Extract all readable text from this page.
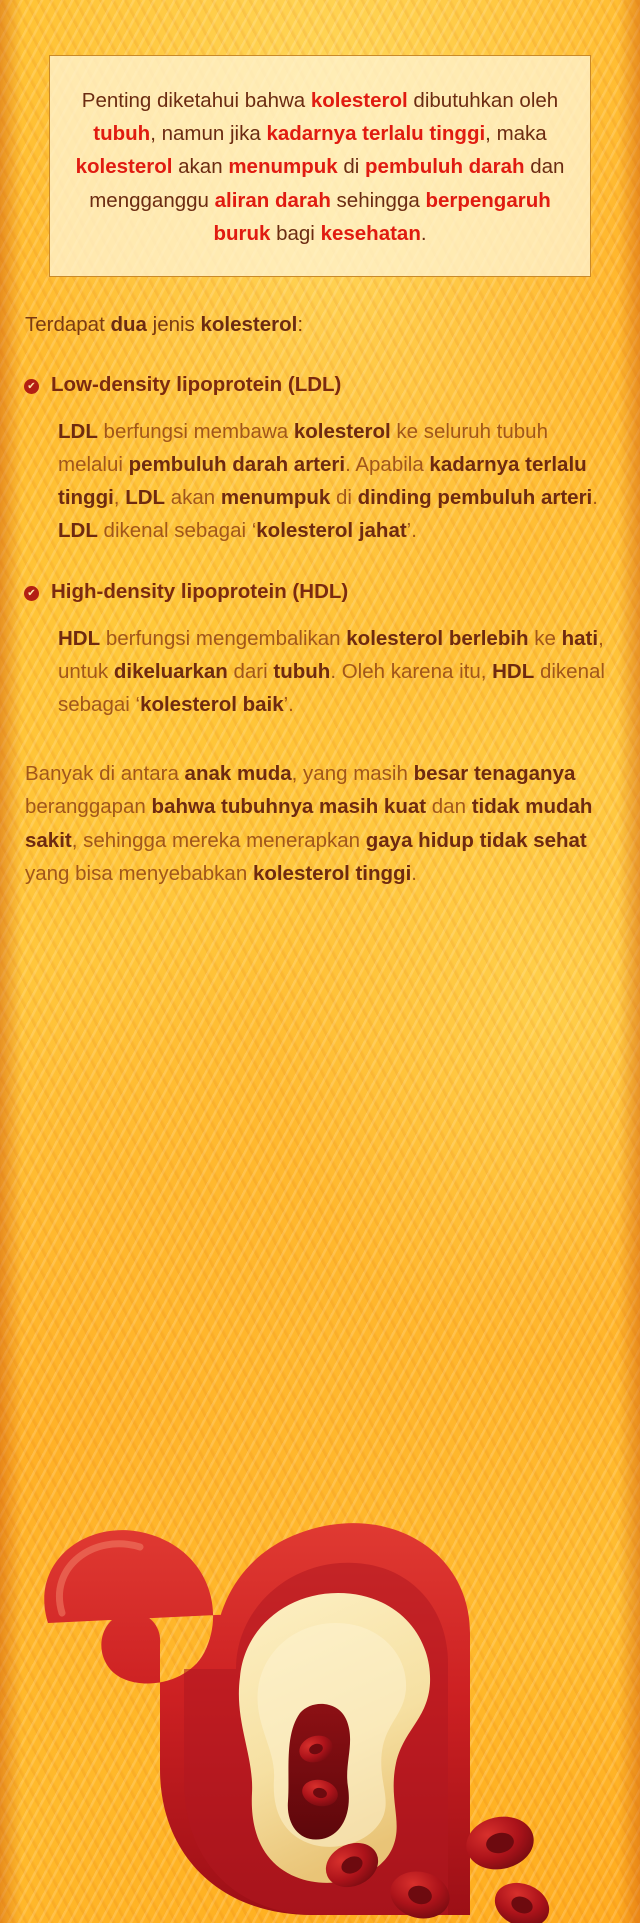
Penting diketahui bahwa kolesterol dibutuhkan oleh tubuh, namun jika kadarnya terlalu tinggi, maka kolesterol akan menumpuk di pembuluh darah dan mengganggu aliran darah sehingga berpengaruh buruk bagi kesehatan.
Terdapat dua jenis kolesterol:
✔ Low-density lipoprotein (LDL)
LDL berfungsi membawa kolesterol ke seluruh tubuh melalui pembuluh darah arteri. Apabila kadarnya terlalu tinggi, LDL akan menumpuk di dinding pembuluh arteri. LDL dikenal sebagai ‘kolesterol jahat’.
✔ High-density lipoprotein (HDL)
HDL berfungsi mengembalikan kolesterol berlebih ke hati, untuk dikeluarkan dari tubuh. Oleh karena itu, HDL dikenal sebagai ‘kolesterol baik’.
Banyak di antara anak muda, yang masih besar tenaganya beranggapan bahwa tubuhnya masih kuat dan tidak mudah sakit, sehingga mereka menerapkan gaya hidup tidak sehat yang bisa menyebabkan kolesterol tinggi.
